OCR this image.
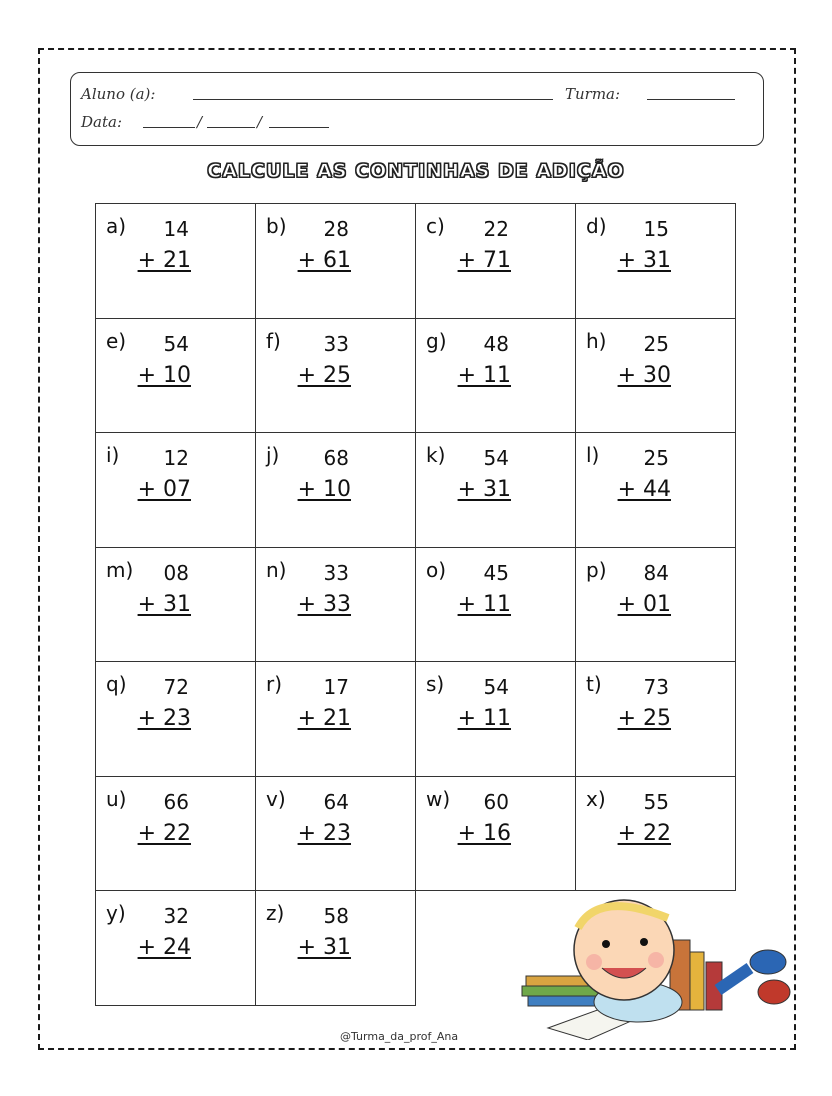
Aluno (a):	Turma:
Data:	/	/
CALCULE AS CONTINHAS DE ADIÇÃO
a) 14
+ 21
b) 28
+ 61
c) 22
+ 71
d) 15
+ 31
e) 54
+ 10
f) 33
+ 25
g) 48
+ 11
h) 25
+ 30
i) 12
+ 07
j) 68
+ 10
k) 54
+ 31
l) 25
+ 44
m) 08
+ 31
n) 33
+ 33
o) 45
+ 11
p) 84
+ 01
q) 72
+ 23
r) 17
+ 21
s) 54
+ 11
t) 73
+ 25
u) 66
+ 22
v) 64
+ 23
w) 60
+ 16
x) 55
+ 22
y) 32
+ 24
z) 58
+ 31
@Turma_da_prof_Ana
